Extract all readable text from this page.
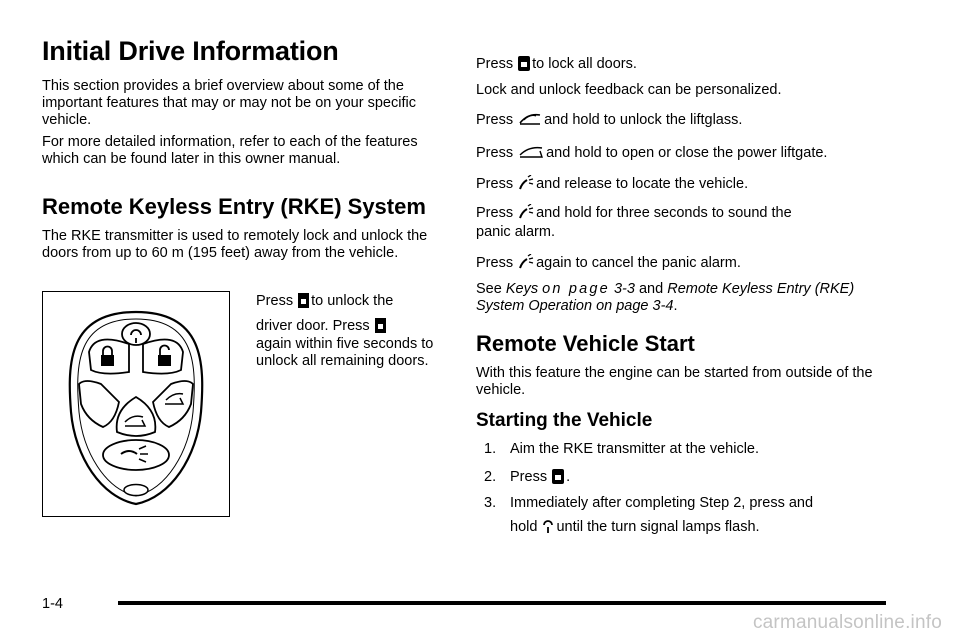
Initial Drive Information

This section provides a brief overview about some of the important features that may or may not be on your specific vehicle.

For more detailed information, refer to each of the features which can be found later in this owner manual.

Remote Keyless Entry (RKE) System

The RKE transmitter is used to remotely lock and unlock the doors from up to 60 m (195 feet) away from the vehicle.

Press to unlock the

driver door. Press

again within five seconds to unlock all remaining doors.

Press to lock all doors.

Lock and unlock feedback can be personalized.

Press and hold to unlock the liftglass.

Press and hold to open or close the power liftgate.

Press and release to locate the vehicle.

Press and hold for three seconds to sound the

panic alarm.

Press again to cancel the panic alarm.

See Keys on page 3-3 and Remote Keyless Entry (RKE) System Operation on page 3-4.

Remote Vehicle Start

With this feature the engine can be started from outside of the vehicle.

Starting the Vehicle
1. Aim the RKE transmitter at the vehicle.
2. Press .
3. Immediately after completing Step 2, press and
hold until the turn signal lamps flash.
1-4
carmanualsonline.info
